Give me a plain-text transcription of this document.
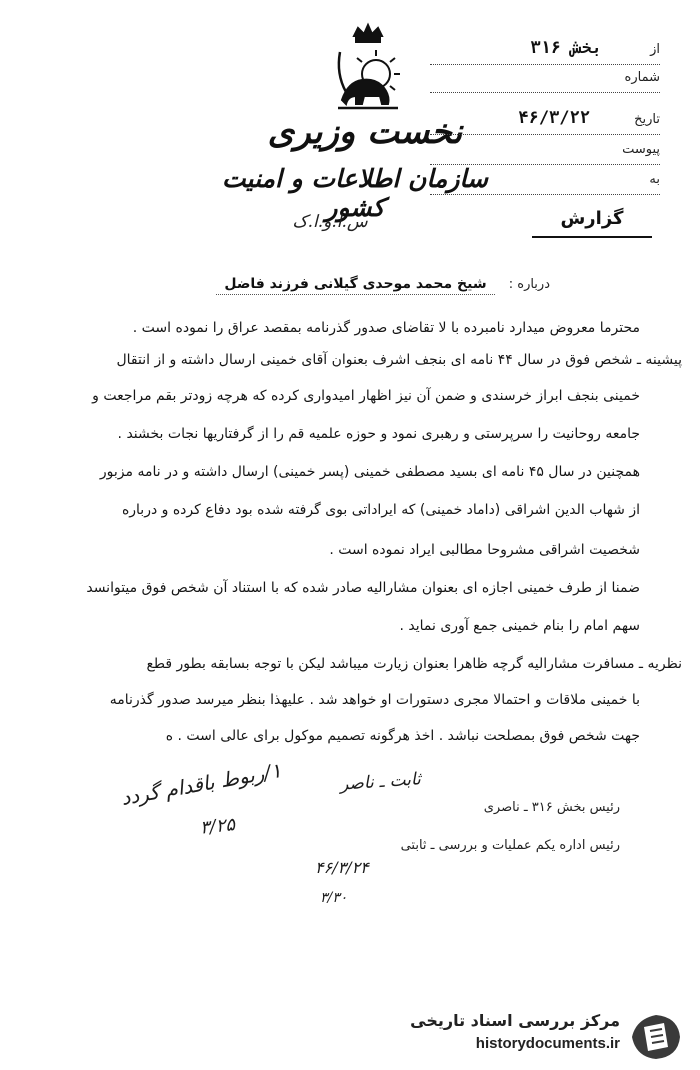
نخست وزیری
سازمان اطلاعات و امنیت کشور
س.ا.و.ا.ک
از
بخش ۳۱۶
شماره
تاریخ
۴۶/۳/۲۲
پیوست
به
گزارش
درباره : شیخ محمد موحدی گیلانی فرزند فاضل
محترما معروض میدارد نامبرده با لا تقاضای صدور گذرنامه بمقصد عراق را نموده است .
پیشینه ـ شخص فوق در سال ۴۴ نامه ای بنجف اشرف بعنوان آقای خمینی ارسال داشته و از انتقال
خمینی بنجف ابراز خرسندی و ضمن آن نیز اظهار امیدواری کرده که هرچه زودتر بقم مراجعت و
جامعه روحانیت را سرپرستی و رهبری نمود و حوزه علمیه قم را از گرفتاریها نجات بخشند .
همچنین در سال ۴۵ نامه ای بسید مصطفی خمینی (پسر خمینی) ارسال داشته و در نامه مزبور
از شهاب الدین اشراقی (داماد خمینی) که ایراداتی بوی گرفته شده بود دفاع کرده و درباره
شخصیت اشراقی مشروحا مطالبی ایراد نموده است .
ضمنا از طرف خمینی اجازه ای بعنوان مشارالیه صادر شده که با استناد آن شخص فوق میتوانسد
سهم امام را بنام خمینی جمع آوری نماید .
نظریه ـ مسافرت مشارالیه گرچه ظاهرا بعنوان زیارت میباشد لیکن با توجه بسابقه بطور قطع
با خمینی ملاقات و احتمالا مجری دستورات او خواهد شد . علیهذا بنظر میرسد صدور گذرنامه
جهت شخص فوق بمصلحت نباشد . اخذ هرگونه تصمیم موکول برای عالی است . ه
۱/ربوط باقدام گردد
۳/۲۵
ثابت ـ ناصر
رئیس بخش ۳۱۶ ـ ناصری
رئیس اداره یکم عملیات و بررسی ـ ثابتی
۴۶/۳/۲۴
۳/۳۰
مرکز بررسی اسناد تاریخی
historydocuments.ir
